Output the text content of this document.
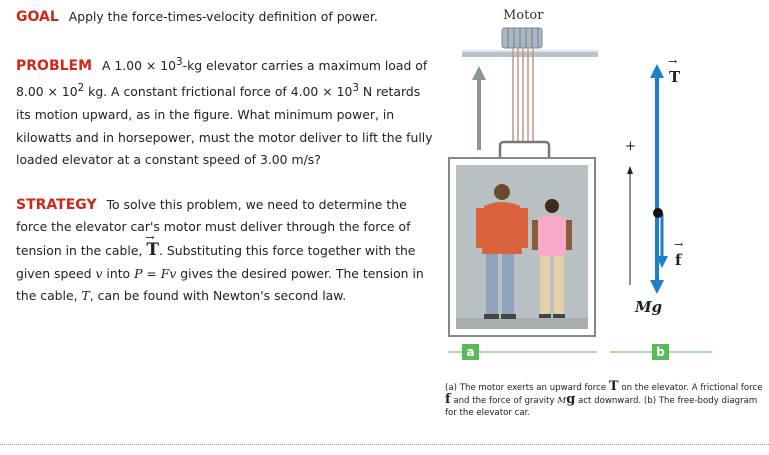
GOAL Apply the force-times-velocity definition of power.

PROBLEM A $1.00 \times 10^3-kg$ elevator carries a maximum load of $8.00 \times 10^2$ kg. A constant frictional force of $4.00 \times 10^3$ N retards its motion upward, as in the figure. What minimum power, in kilowatts and in horsepower, must the motor deliver to lift the fully loaded elevator at a constant speed of 3.00 m/s?

STRATEGY To solve this problem, we need to determine the force the elevator car's motor must deliver through the force of tension in the cable, → T. Substituting this force together with the given speed v into P = Fv gives the desired power. The tension in the cable, T, can be found with Newton's second law.

Motor
+
→ T
→ f
Mg
a	b
(a) The motor exerts an upward force T on the elevator. A frictional force f and the force of gravity Mg act downward. (b) The free-body diagram for the elevator car.
